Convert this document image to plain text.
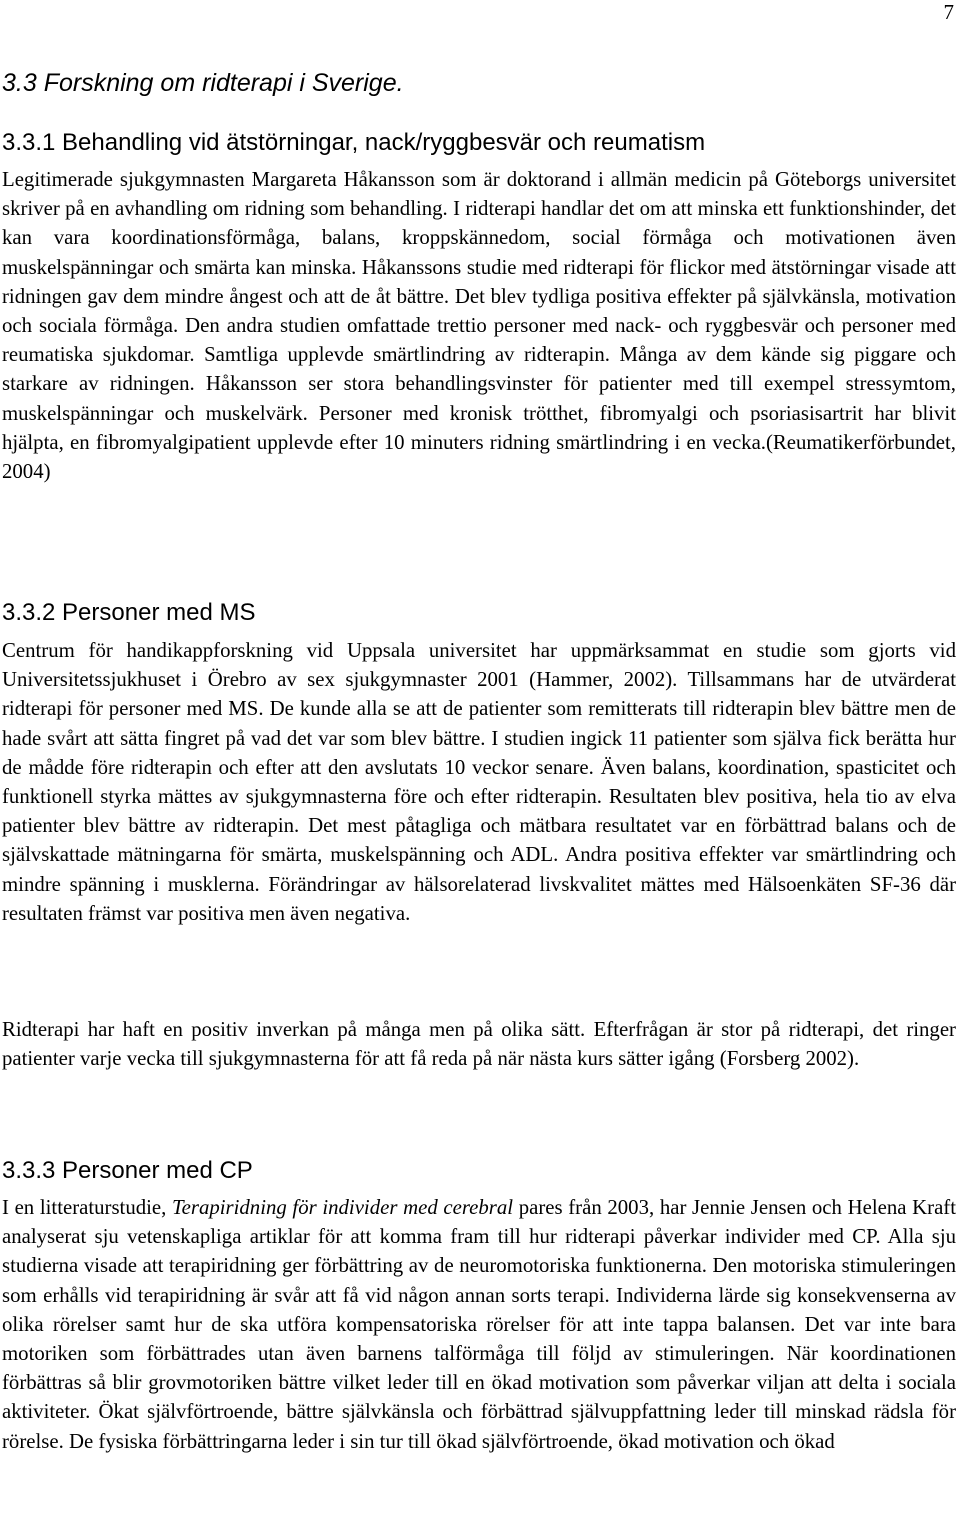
7
3.3 Forskning om ridterapi i Sverige.
3.3.1 Behandling vid ätstörningar, nack/ryggbesvär och reumatism

Legitimerade sjukgymnasten Margareta Håkansson som är doktorand i allmän medicin på Göteborgs universitet skriver på en avhandling om ridning som behandling. I ridterapi handlar det om att minska ett funktionshinder, det kan vara koordinationsförmåga, balans, kroppskännedom, social förmåga och motivationen även muskelspänningar och smärta kan minska. Håkanssons studie med ridterapi för flickor med ätstörningar visade att ridningen gav dem mindre ångest och att de åt bättre. Det blev tydliga positiva effekter på självkänsla, motivation och sociala förmåga. Den andra studien omfattade trettio personer med nack- och ryggbesvär och personer med reumatiska sjukdomar. Samtliga upplevde smärtlindring av ridterapin. Många av dem kände sig piggare och starkare av ridningen. Håkansson ser stora behandlingsvinster för patienter med till exempel stressymtom, muskelspänningar och muskelvärk. Personer med kronisk trötthet, fibromyalgi och psoriasisartrit har blivit hjälpta, en fibromyalgipatient upplevde efter 10 minuters ridning smärtlindring i en vecka.(Reumatikerförbundet, 2004)

3.3.2 Personer med MS

Centrum för handikappforskning vid Uppsala universitet har uppmärksammat en studie som gjorts vid Universitetssjukhuset i Örebro av sex sjukgymnaster 2001 (Hammer, 2002). Tillsammans har de utvärderat ridterapi för personer med MS. De kunde alla se att de patienter som remitterats till ridterapin blev bättre men de hade svårt att sätta fingret på vad det var som blev bättre. I studien ingick 11 patienter som själva fick berätta hur de mådde före ridterapin och efter att den avslutats 10 veckor senare. Även balans, koordination, spasticitet och funktionell styrka mättes av sjukgymnasterna före och efter ridterapin. Resultaten blev positiva, hela tio av elva patienter blev bättre av ridterapin. Det mest påtagliga och mätbara resultatet var en förbättrad balans och de självskattade mätningarna för smärta, muskelspänning och ADL. Andra positiva effekter var smärtlindring och mindre spänning i musklerna. Förändringar av hälsorelaterad livskvalitet mättes med Hälsoenkäten SF-36 där resultaten främst var positiva men även negativa.

Ridterapi har haft en positiv inverkan på många men på olika sätt. Efterfrågan är stor på ridterapi, det ringer patienter varje vecka till sjukgymnasterna för att få reda på när nästa kurs sätter igång (Forsberg 2002).

3.3.3 Personer med CP

I en litteraturstudie, Terapiridning för individer med cerebral pares från 2003, har Jennie Jensen och Helena Kraft analyserat sju vetenskapliga artiklar för att komma fram till hur ridterapi påverkar individer med CP. Alla sju studierna visade att terapiridning ger förbättring av de neuromotoriska funktionerna. Den motoriska stimuleringen som erhålls vid terapiridning är svår att få vid någon annan sorts terapi. Individerna lärde sig konsekvenserna av olika rörelser samt hur de ska utföra kompensatoriska rörelser för att inte tappa balansen. Det var inte bara motoriken som förbättrades utan även barnens talförmåga till följd av stimuleringen. När koordinationen förbättras så blir grovmotoriken bättre vilket leder till en ökad motivation som påverkar viljan att delta i sociala aktiviteter. Ökat självförtroende, bättre självkänsla och förbättrad självuppfattning leder till minskad rädsla för rörelse. De fysiska förbättringarna leder i sin tur till ökad självförtroende, ökad motivation och ökad
